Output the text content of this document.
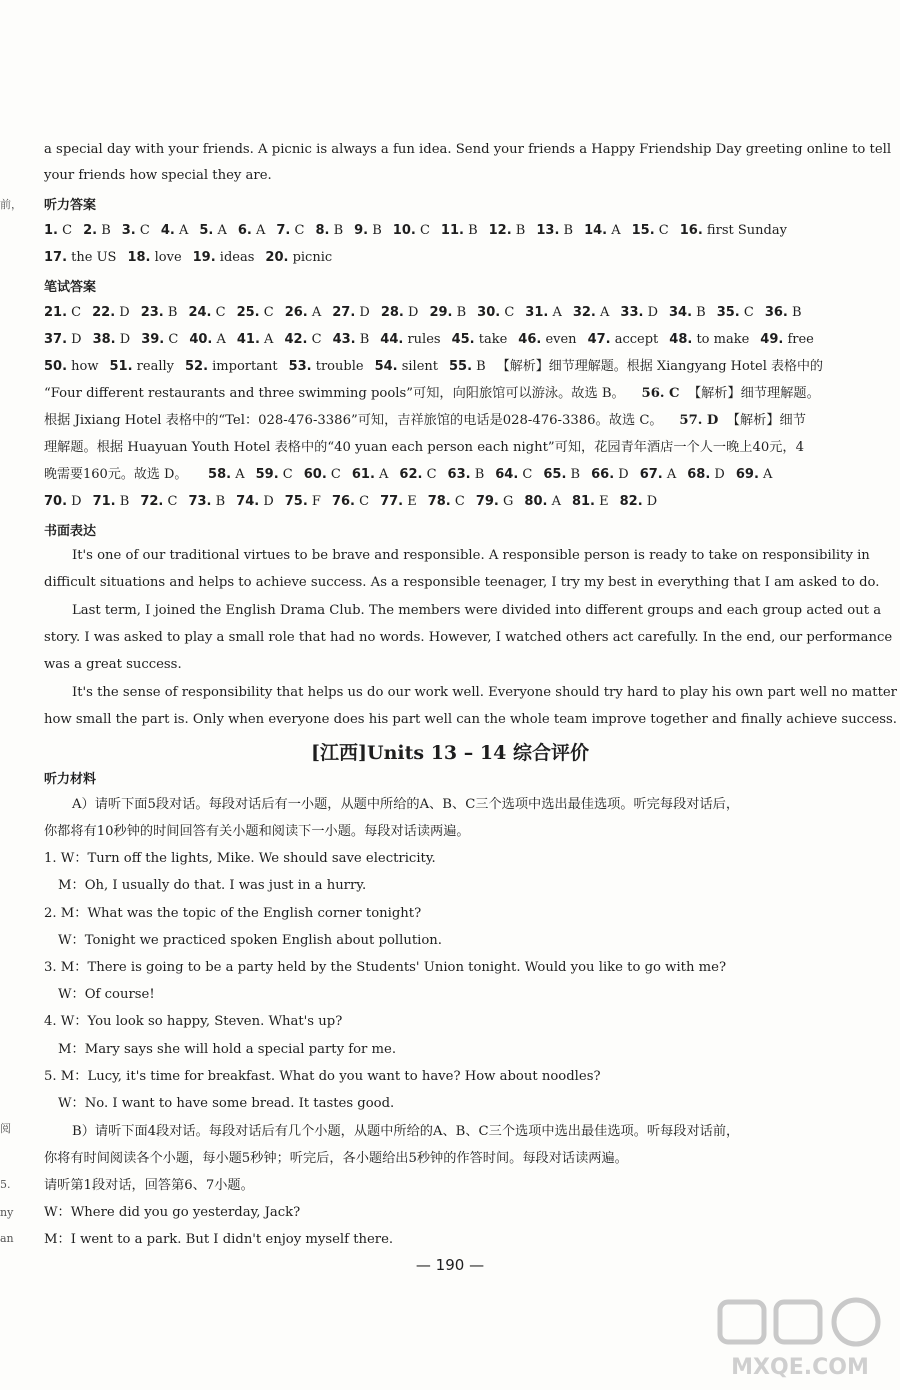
前，
阅
5.
ny
an
a special day with your friends. A picnic is always a fun idea. Send your friends a Happy Friendship Day greeting online to tell
your friends how special they are.
听力答案
1. C 2. B 3. C 4. A 5. A 6. A 7. C 8. B 9. B 10. C 11. B 12. B 13. B 14. A 15. C 16. first Sunday
17. the US 18. love 19. ideas 20. picnic
笔试答案
21. C 22. D 23. B 24. C 25. C 26. A 27. D 28. D 29. B 30. C 31. A 32. A 33. D 34. B 35. C 36. B
37. D 38. D 39. C 40. A 41. A 42. C 43. B 44. rules 45. take 46. even 47. accept 48. to make 49. free
50. how 51. really 52. important 53. trouble 54. silent 55. B 【解析】细节理解题。根据 Xiangyang Hotel 表格中的
“Four different restaurants and three swimming pools”可知，向阳旅馆可以游泳。故选 B。 56. C 【解析】细节理解题。
根据 Jixiang Hotel 表格中的“Tel：028-476-3386”可知，吉祥旅馆的电话是028-476-3386。故选 C。 57. D 【解析】细节
理解题。根据 Huayuan Youth Hotel 表格中的“40 yuan each person each night”可知，花园青年酒店一个人一晚上40元，4
晚需要160元。故选 D。 58. A 59. C 60. C 61. A 62. C 63. B 64. C 65. B 66. D 67. A 68. D 69. A
70. D 71. B 72. C 73. B 74. D 75. F 76. C 77. E 78. C 79. G 80. A 81. E 82. D
书面表达
It's one of our traditional virtues to be brave and responsible. A responsible person is ready to take on responsibility in
difficult situations and helps to achieve success. As a responsible teenager, I try my best in everything that I am asked to do.
Last term, I joined the English Drama Club. The members were divided into different groups and each group acted out a
story. I was asked to play a small role that had no words. However, I watched others act carefully. In the end, our performance
was a great success.
It's the sense of responsibility that helps us do our work well. Everyone should try hard to play his own part well no matter
how small the part is. Only when everyone does his part well can the whole team improve together and finally achieve success.
[江西]Units 13 – 14 综合评价
听力材料
A）请听下面5段对话。每段对话后有一小题，从题中所给的A、B、C三个选项中选出最佳选项。听完每段对话后，
你都将有10秒钟的时间回答有关小题和阅读下一小题。每段对话读两遍。
1. W：Turn off the lights, Mike. We should save electricity.
M：Oh, I usually do that. I was just in a hurry.
2. M：What was the topic of the English corner tonight?
W：Tonight we practiced spoken English about pollution.
3. M：There is going to be a party held by the Students' Union tonight. Would you like to go with me?
W：Of course!
4. W：You look so happy, Steven. What's up?
M：Mary says she will hold a special party for me.
5. M：Lucy, it's time for breakfast. What do you want to have? How about noodles?
W：No. I want to have some bread. It tastes good.
B）请听下面4段对话。每段对话后有几个小题，从题中所给的A、B、C三个选项中选出最佳选项。听每段对话前，
你将有时间阅读各个小题，每小题5秒钟；听完后，各小题给出5秒钟的作答时间。每段对话读两遍。
请听第1段对话，回答第6、7小题。
W：Where did you go yesterday, Jack?
M：I went to a park. But I didn't enjoy myself there.
— 190 —
MXQE.COM
